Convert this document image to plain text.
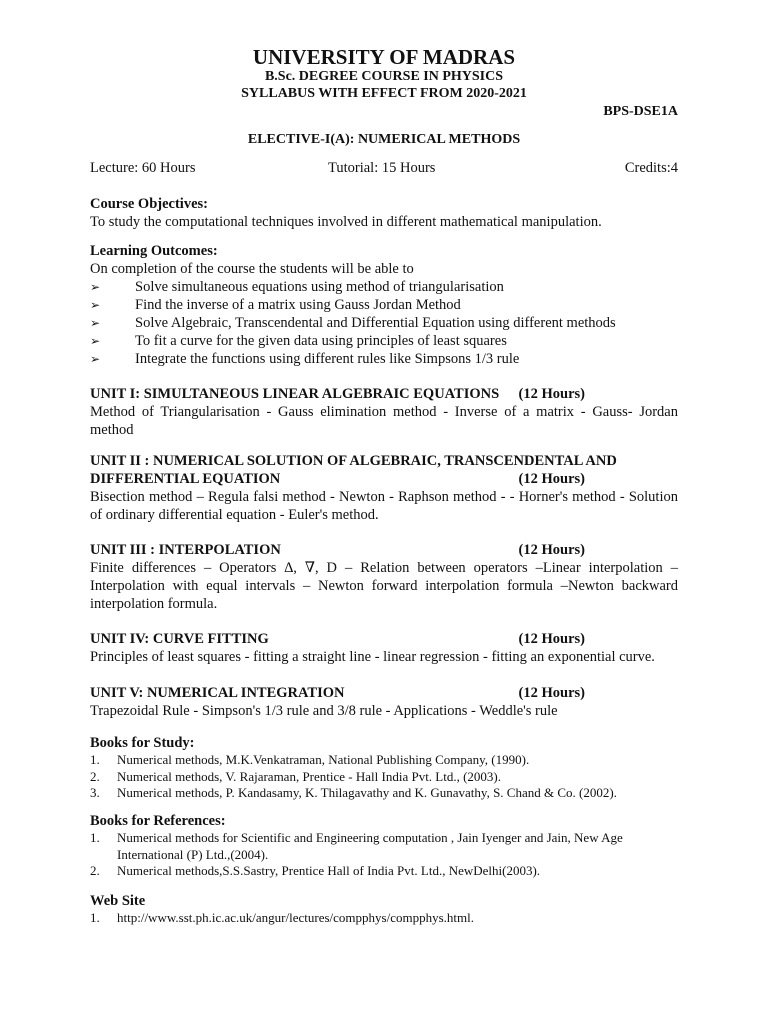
UNIVERSITY OF MADRAS
B.Sc. DEGREE COURSE IN PHYSICS
SYLLABUS WITH EFFECT FROM 2020-2021
BPS-DSE1A
ELECTIVE-I(A): NUMERICAL METHODS
Lecture: 60 Hours	Tutorial: 15 Hours	Credits:4
Course Objectives:
To study the computational techniques involved in different mathematical manipulation.
Learning Outcomes:
On completion of the course the students will be able to
➢ Solve simultaneous equations using method of triangularisation
➢ Find the inverse of a matrix using Gauss Jordan Method
➢ Solve Algebraic, Transcendental and Differential Equation using different methods
➢ To fit a curve for the given data using principles of least squares
➢ Integrate the functions using different rules like Simpsons 1/3 rule
UNIT I: SIMULTANEOUS LINEAR ALGEBRAIC EQUATIONS (12 Hours)
Method of Triangularisation - Gauss elimination method - Inverse of a matrix - Gauss- Jordan method
UNIT II : NUMERICAL SOLUTION OF ALGEBRAIC, TRANSCENDENTAL AND
DIFFERENTIAL EQUATION	(12 Hours)
Bisection method – Regula falsi method - Newton - Raphson method - - Horner's method - Solution of ordinary differential equation - Euler's method.
UNIT III : INTERPOLATION	(12 Hours)
Finite differences – Operators ∆, ∇, D – Relation between operators –Linear interpolation – Interpolation with equal intervals – Newton forward interpolation formula –Newton backward interpolation formula.
UNIT IV: CURVE FITTING	(12 Hours)
Principles of least squares - fitting a straight line - linear regression - fitting an exponential curve.
UNIT V: NUMERICAL INTEGRATION	(12 Hours)
Trapezoidal Rule - Simpson's 1/3 rule and 3/8 rule - Applications - Weddle's rule
Books for Study:
1. Numerical methods, M.K.Venkatraman, National Publishing Company, (1990).
2. Numerical methods, V. Rajaraman, Prentice - Hall India Pvt. Ltd., (2003).
3. Numerical methods, P. Kandasamy, K. Thilagavathy and K. Gunavathy, S. Chand & Co. (2002).
Books for References:
1. Numerical methods for Scientific and Engineering computation , Jain Iyenger and Jain, New Age International (P) Ltd.,(2004).
2. Numerical methods,S.S.Sastry, Prentice Hall of India Pvt. Ltd., NewDelhi(2003).
Web Site
1. http://www.sst.ph.ic.ac.uk/angur/lectures/compphys/compphys.html.
